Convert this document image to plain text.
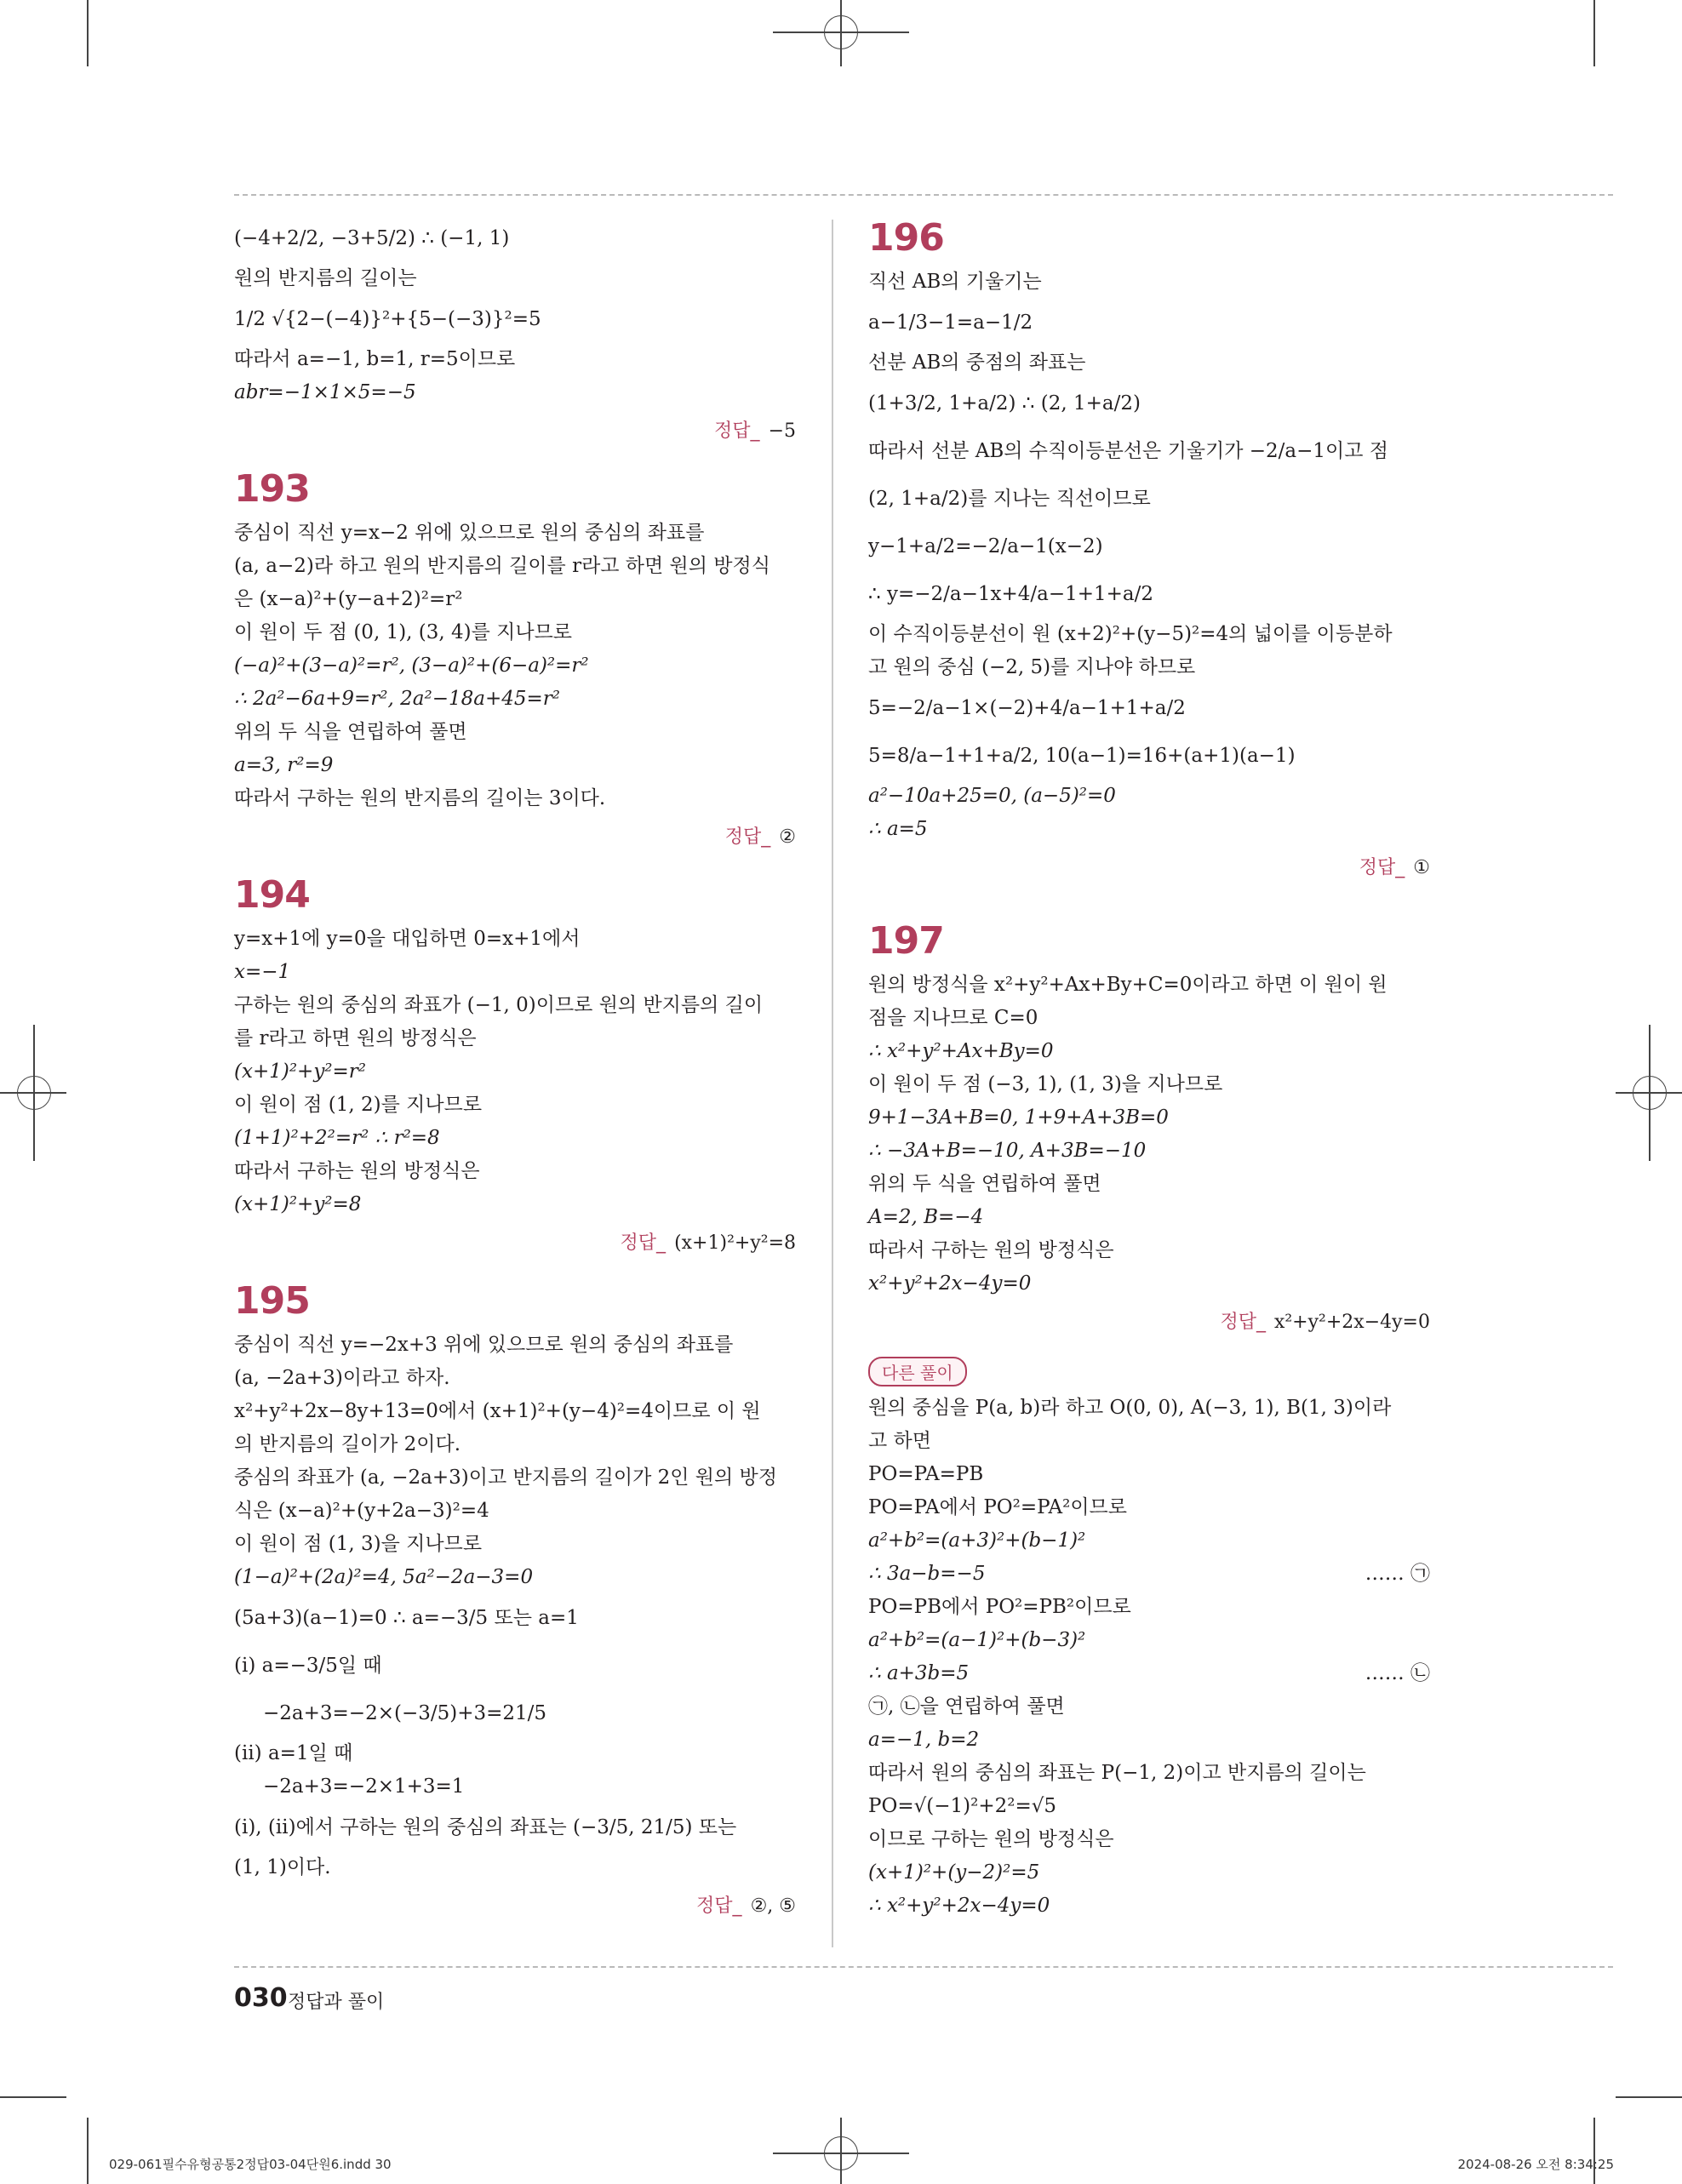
(−4+2/2, −3+5/2) ∴ (−1, 1)
원의 반지름의 길이는
1/2 √{2−(−4)}²+{5−(−3)}²=5
따라서 a=−1, b=1, r=5이므로
abr=−1×1×5=−5
정답_ −5
193
중심이 직선 y=x−2 위에 있으므로 원의 중심의 좌표를
(a, a−2)라 하고 원의 반지름의 길이를 r라고 하면 원의 방정식
은 (x−a)²+(y−a+2)²=r²
이 원이 두 점 (0, 1), (3, 4)를 지나므로
(−a)²+(3−a)²=r², (3−a)²+(6−a)²=r²
∴ 2a²−6a+9=r², 2a²−18a+45=r²
위의 두 식을 연립하여 풀면
a=3, r²=9
따라서 구하는 원의 반지름의 길이는 3이다.
정답_ ②
194
y=x+1에 y=0을 대입하면 0=x+1에서
x=−1
구하는 원의 중심의 좌표가 (−1, 0)이므로 원의 반지름의 길이
를 r라고 하면 원의 방정식은
(x+1)²+y²=r²
이 원이 점 (1, 2)를 지나므로
(1+1)²+2²=r² ∴ r²=8
따라서 구하는 원의 방정식은
(x+1)²+y²=8
정답_ (x+1)²+y²=8
195
중심이 직선 y=−2x+3 위에 있으므로 원의 중심의 좌표를
(a, −2a+3)이라고 하자.
x²+y²+2x−8y+13=0에서 (x+1)²+(y−4)²=4이므로 이 원
의 반지름의 길이가 2이다.
중심의 좌표가 (a, −2a+3)이고 반지름의 길이가 2인 원의 방정
식은 (x−a)²+(y+2a−3)²=4
이 원이 점 (1, 3)을 지나므로
(1−a)²+(2a)²=4, 5a²−2a−3=0
(5a+3)(a−1)=0 ∴ a=−3/5 또는 a=1
(ⅰ) a=−3/5일 때
−2a+3=−2×(−3/5)+3=21/5
(ⅱ) a=1일 때
−2a+3=−2×1+3=1
(ⅰ), (ⅱ)에서 구하는 원의 중심의 좌표는 (−3/5, 21/5) 또는
(1, 1)이다.
정답_ ②, ⑤
196
직선 AB의 기울기는
a−1/3−1=a−1/2
선분 AB의 중점의 좌표는
(1+3/2, 1+a/2) ∴ (2, 1+a/2)
따라서 선분 AB의 수직이등분선은 기울기가 −2/a−1이고 점
(2, 1+a/2)를 지나는 직선이므로
y−1+a/2=−2/a−1(x−2)
∴ y=−2/a−1x+4/a−1+1+a/2
이 수직이등분선이 원 (x+2)²+(y−5)²=4의 넓이를 이등분하
고 원의 중심 (−2, 5)를 지나야 하므로
5=−2/a−1×(−2)+4/a−1+1+a/2
5=8/a−1+1+a/2, 10(a−1)=16+(a+1)(a−1)
a²−10a+25=0, (a−5)²=0
∴ a=5
정답_ ①
197
원의 방정식을 x²+y²+Ax+By+C=0이라고 하면 이 원이 원
점을 지나므로 C=0
∴ x²+y²+Ax+By=0
이 원이 두 점 (−3, 1), (1, 3)을 지나므로
9+1−3A+B=0, 1+9+A+3B=0
∴ −3A+B=−10, A+3B=−10
위의 두 식을 연립하여 풀면
A=2, B=−4
따라서 구하는 원의 방정식은
x²+y²+2x−4y=0
정답_ x²+y²+2x−4y=0
다른 풀이
원의 중심을 P(a, b)라 하고 O(0, 0), A(−3, 1), B(1, 3)이라
고 하면
PO=PA=PB
PO=PA에서 PO²=PA²이므로
a²+b²=(a+3)²+(b−1)²
∴ 3a−b=−5	…… ㉠
PO=PB에서 PO²=PB²이므로
a²+b²=(a−1)²+(b−3)²
∴ a+3b=5	…… ㉡
㉠, ㉡을 연립하여 풀면
a=−1, b=2
따라서 원의 중심의 좌표는 P(−1, 2)이고 반지름의 길이는
PO=√(−1)²+2²=√5
이므로 구하는 원의 방정식은
(x+1)²+(y−2)²=5
∴ x²+y²+2x−4y=0
030 정답과 풀이
029-061필수유형공통2정답03-04단원6.indd 30	2024-08-26 오전 8:34:25
